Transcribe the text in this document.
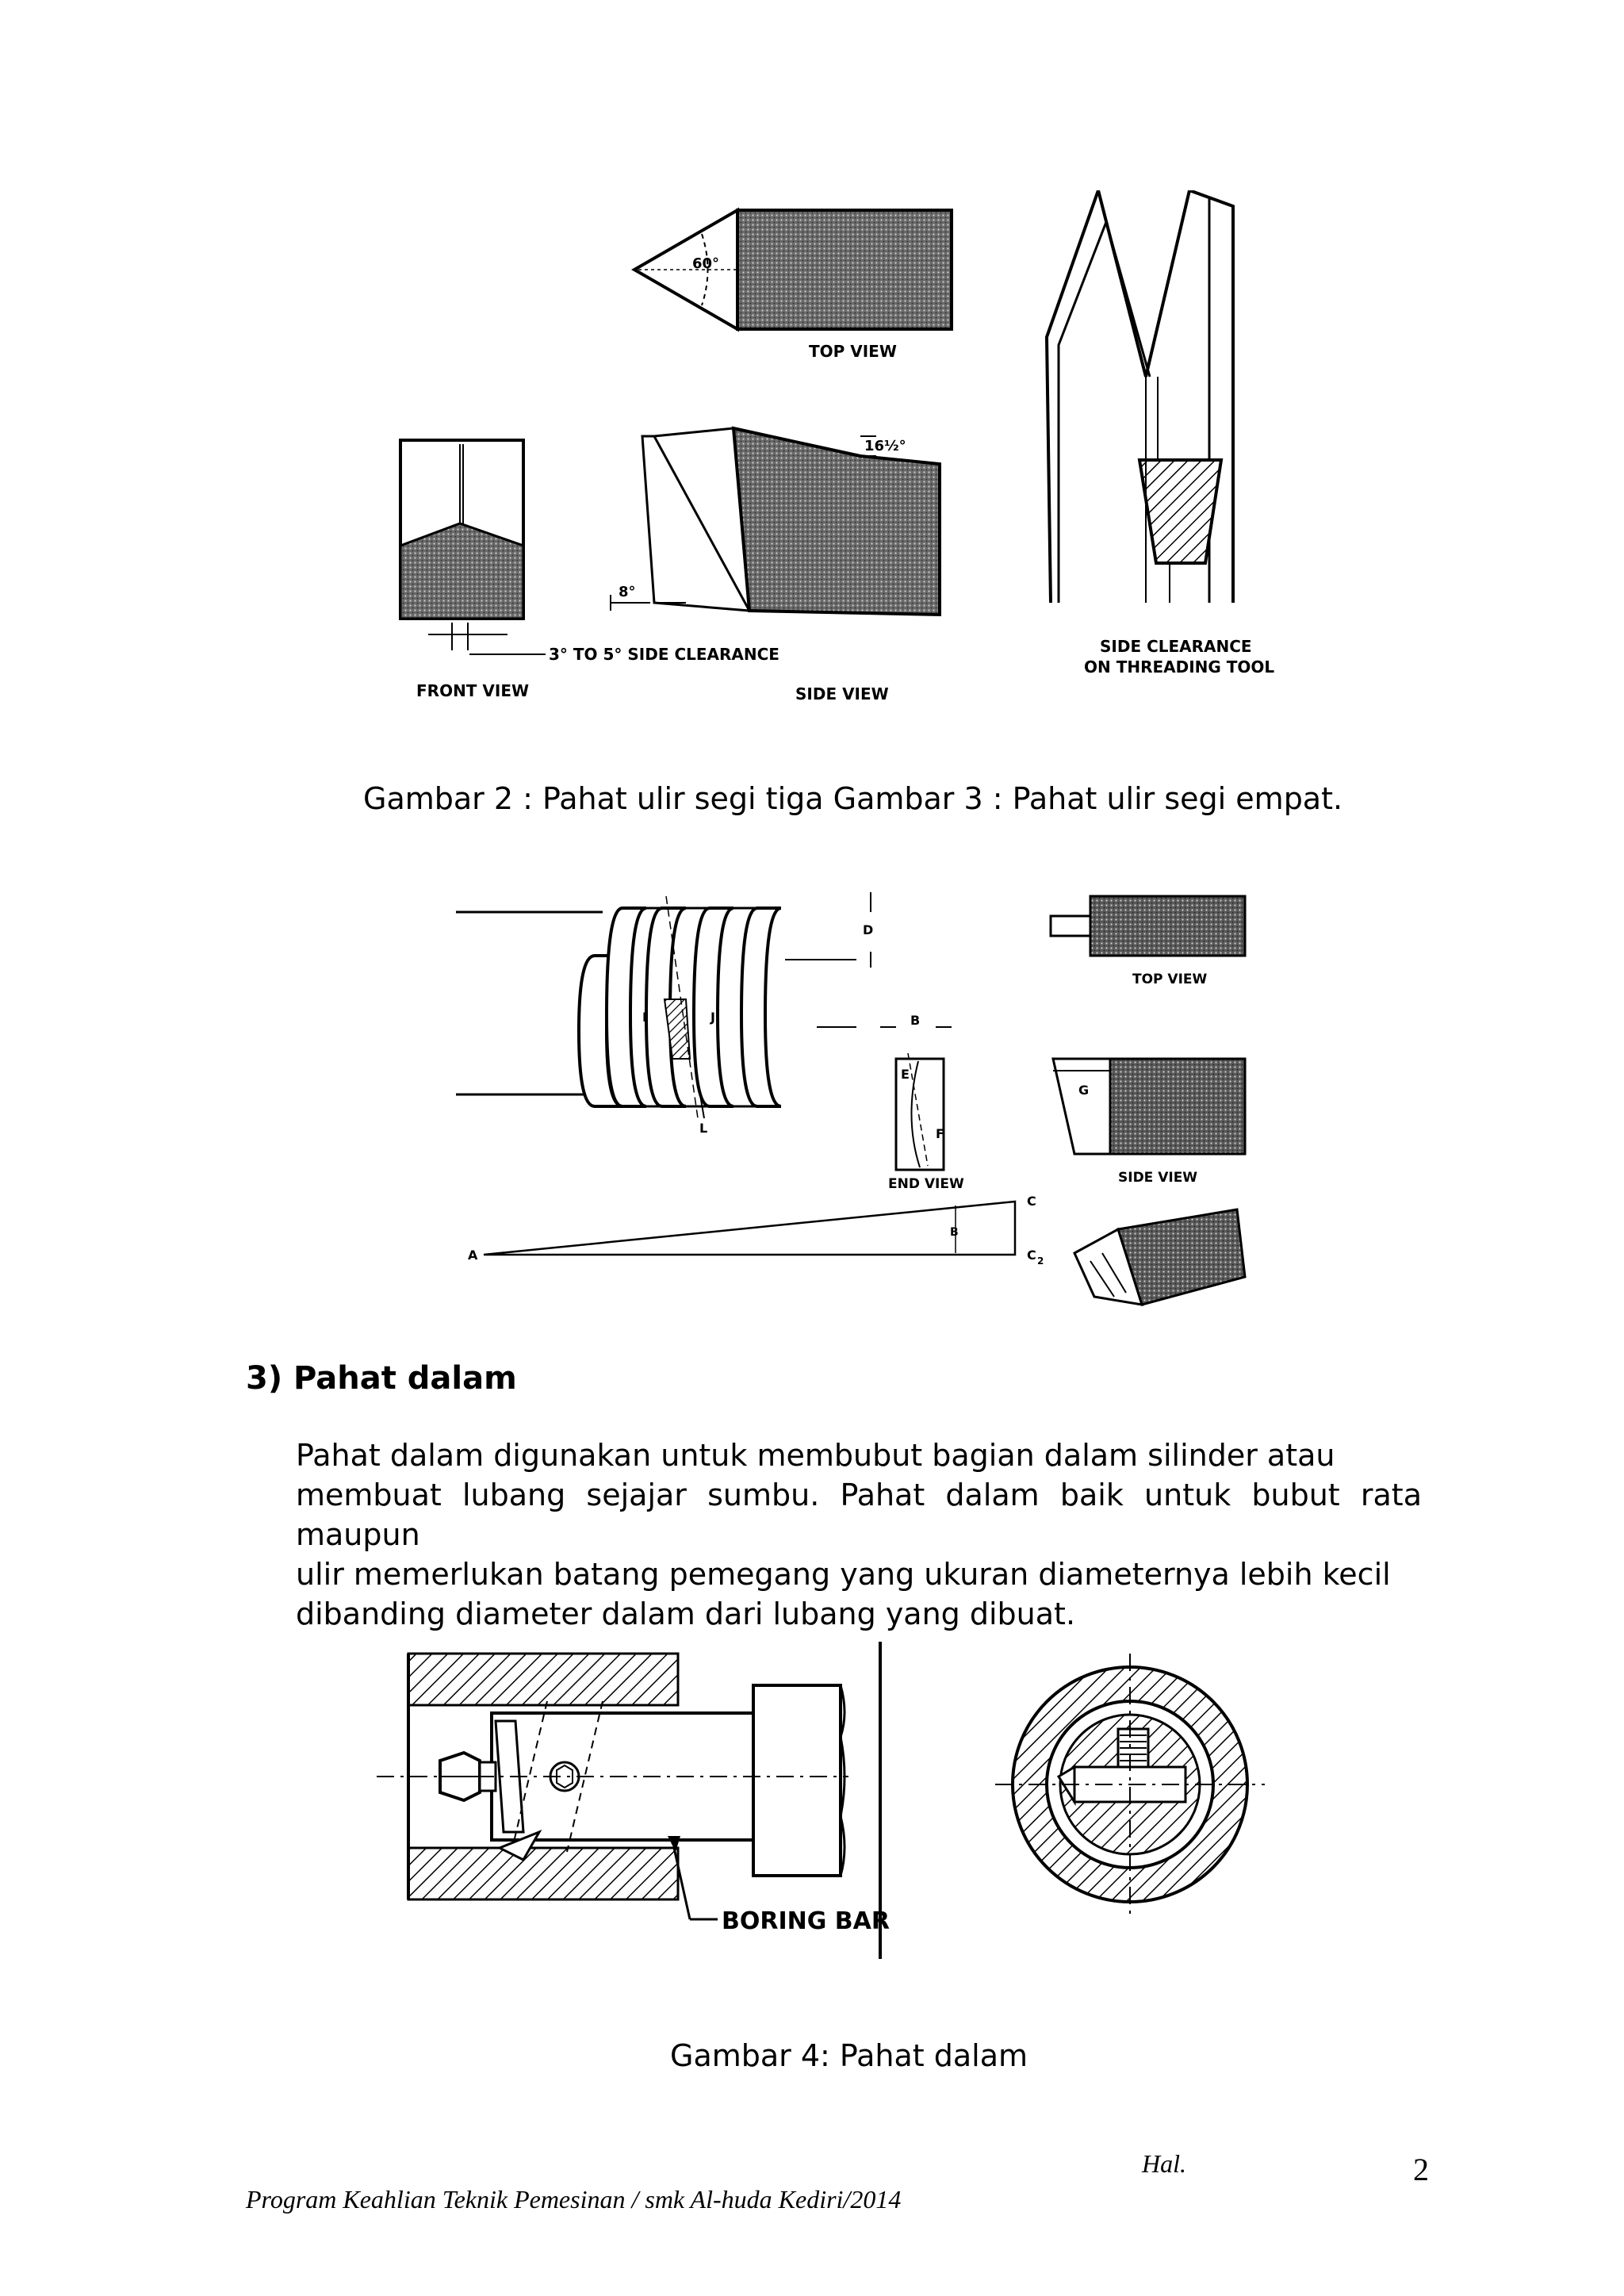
60°
TOP VIEW
FRONT VIEW
3° TO 5° SIDE CLEARANCE
16½°
8°
SIDE VIEW
SIDE CLEARANCE
ON THREADING TOOL
Gambar 2 : Pahat ulir segi tiga Gambar 3 : Pahat ulir segi empat.
D
I	J
L
B
E
F
END VIEW
TOP VIEW
G
SIDE VIEW
A
B
C
C 2
3) Pahat dalam
Pahat dalam digunakan untuk membubut bagian dalam silinder atau
membuat lubang sejajar sumbu. Pahat dalam baik untuk bubut rata maupun
ulir memerlukan batang pemegang yang ukuran diameternya lebih kecil
dibanding diameter dalam dari lubang yang dibuat.
BORING BAR
Gambar 4: Pahat dalam
Hal.	2
Program Keahlian Teknik Pemesinan / smk Al-huda Kediri/2014
